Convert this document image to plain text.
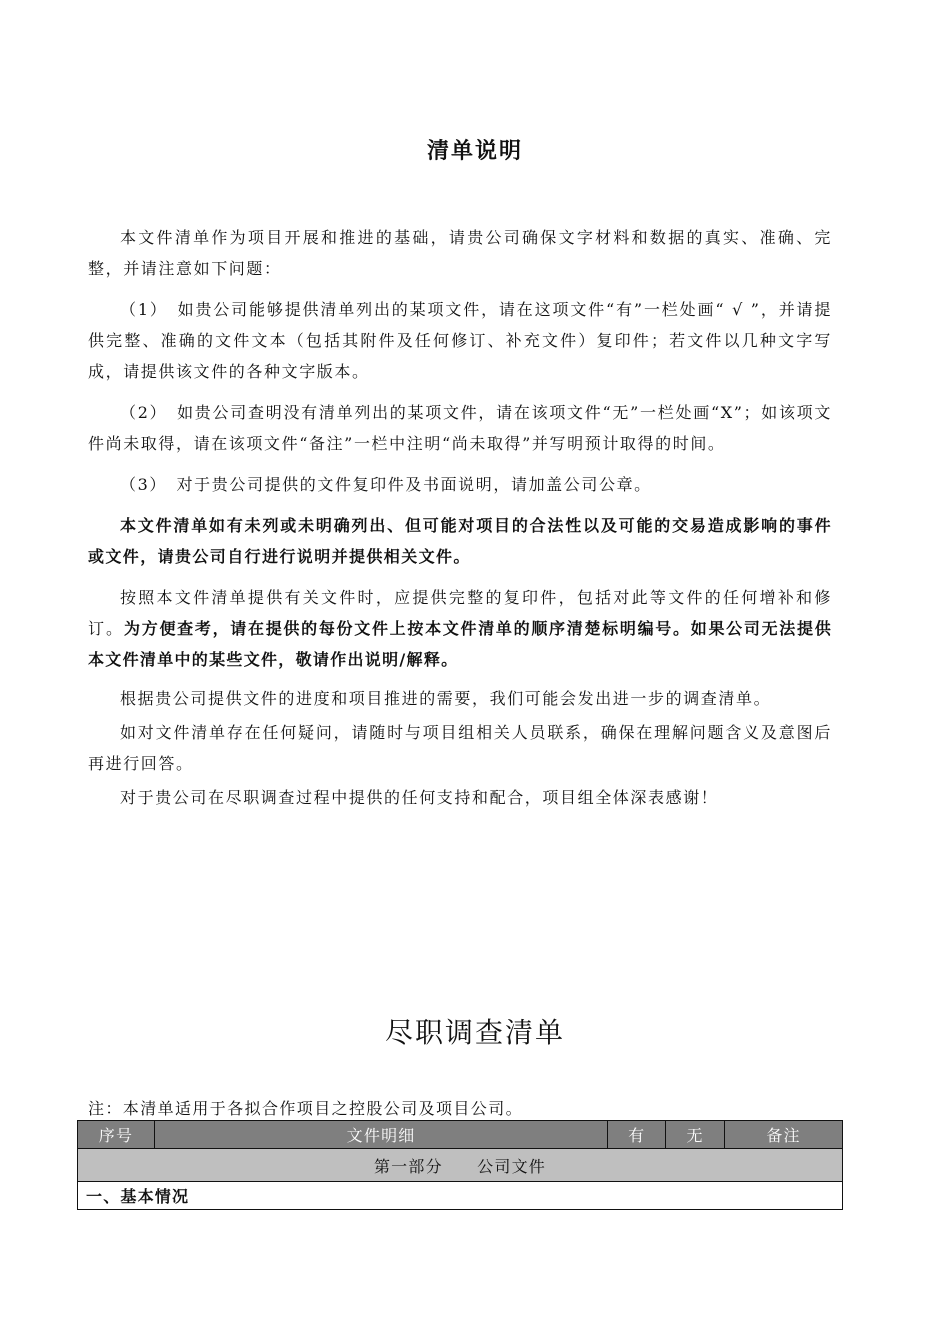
清单说明

本文件清单作为项目开展和推进的基础，请贵公司确保文字材料和数据的真实、准确、完整，并请注意如下问题：

（1）　如贵公司能够提供清单列出的某项文件，请在这项文件“有”一栏处画“ √ ”，并请提供完整、准确的文件文本（包括其附件及任何修订、补充文件）复印件；若文件以几种文字写成，请提供该文件的各种文字版本。

（2）　如贵公司查明没有清单列出的某项文件，请在该项文件“无”一栏处画“X”；如该项文件尚未取得，请在该项文件“备注”一栏中注明“尚未取得”并写明预计取得的时间。

（3）　对于贵公司提供的文件复印件及书面说明，请加盖公司公章。

本文件清单如有未列或未明确列出、但可能对项目的合法性以及可能的交易造成影响的事件或文件，请贵公司自行进行说明并提供相关文件。

按照本文件清单提供有关文件时，应提供完整的复印件，包括对此等文件的任何增补和修订。为方便查考，请在提供的每份文件上按本文件清单的顺序清楚标明编号。如果公司无法提供本文件清单中的某些文件，敬请作出说明/解释。

根据贵公司提供文件的进度和项目推进的需要，我们可能会发出进一步的调查清单。

如对文件清单存在任何疑问，请随时与项目组相关人员联系，确保在理解问题含义及意图后再进行回答。

对于贵公司在尽职调查过程中提供的任何支持和配合，项目组全体深表感谢！

尽职调查清单
注：本清单适用于各拟合作项目之控股公司及项目公司。
序号	文件明细	有	无	备注
第一部分　　公司文件
一、基本情况
